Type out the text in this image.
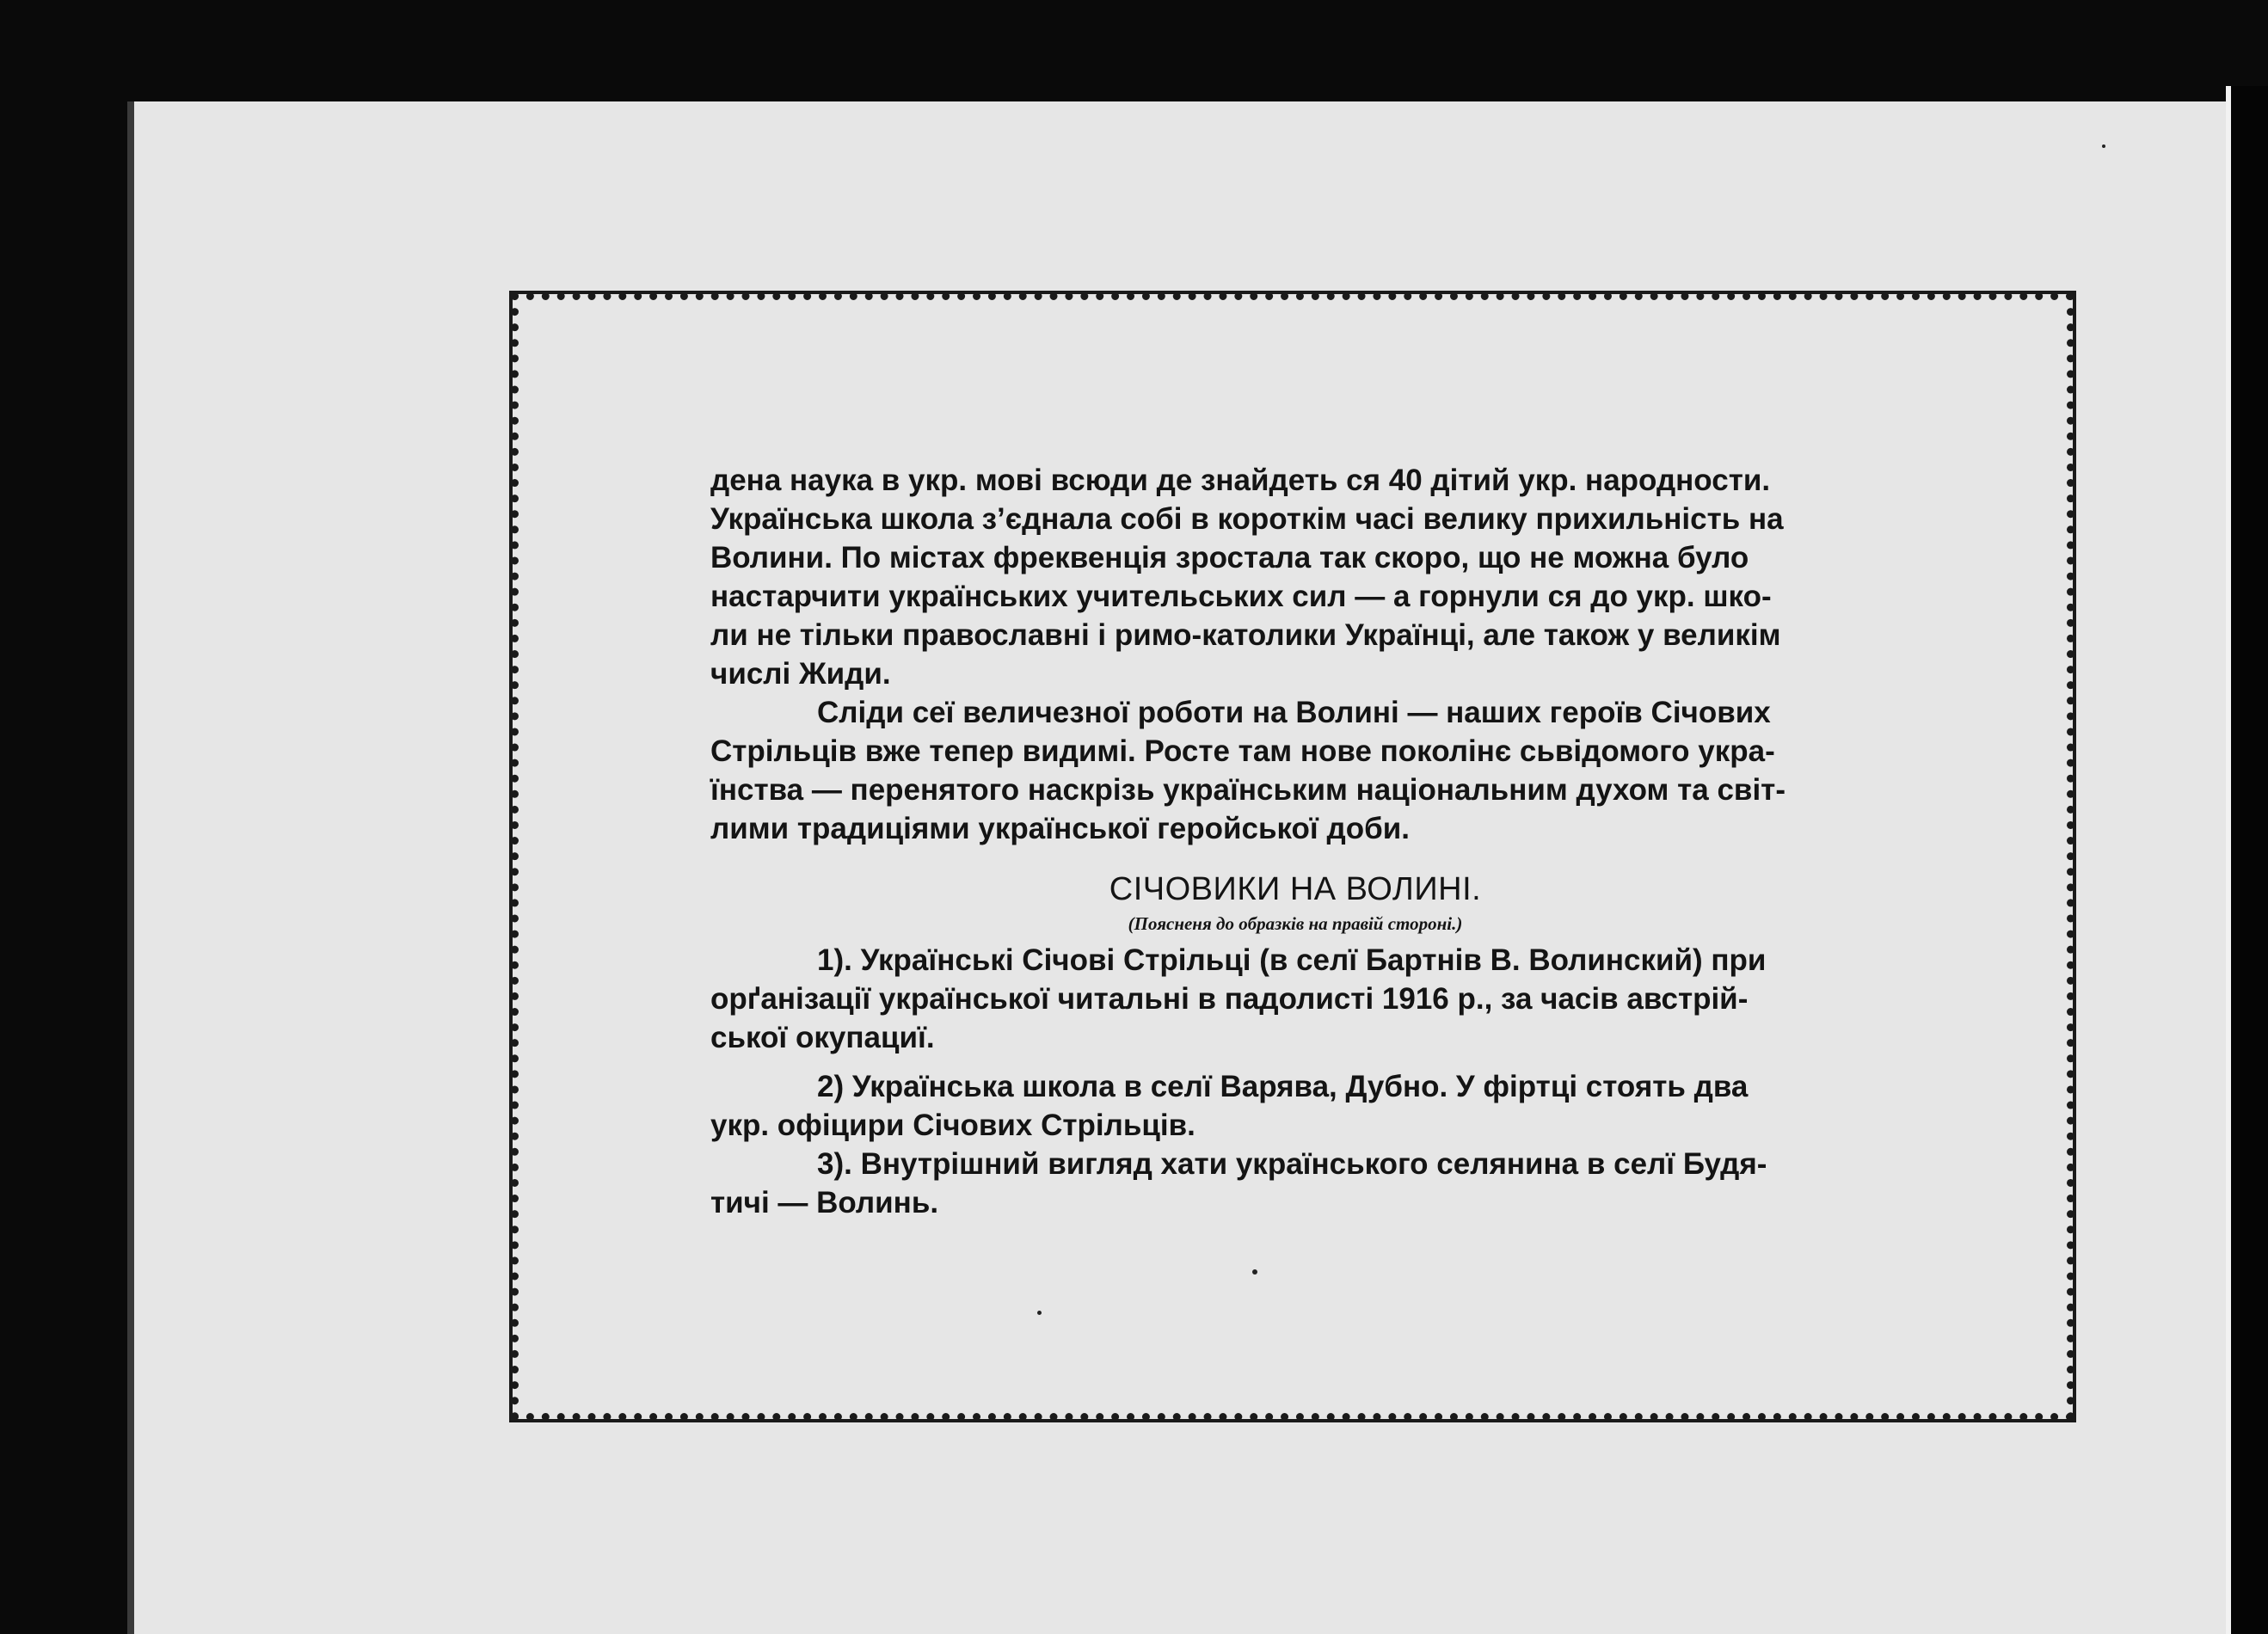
дена наука в укр. мові всюди де знайдеть ся 40 дітий укр. народности.
Українська школа з’єднала собі в короткім часі велику прихильність на
Волини. По містах фреквенція зростала так скоро, що не можна було
настарчити українських учительських сил — а горнули ся до укр. шко-
ли не тільки православні і римо-католики Українці, але також у великім
числі Жиди.

Сліди сеї величезної роботи на Волині — наших героїв Січових
Стрільців вже тепер видимі. Росте там нове поколінє сьвідомого укра-
їнства — перенятого наскрізь українським національним духом та світ-
лими традиціями української геройської доби.

СІЧОВИКИ НА ВОЛИНІ.
(Поясненя до образків на правій стороні.)

1). Українські Січові Стрільці (в селї Бартнів В. Волинский) при
орґанізації української читальні в падолисті 1916 р., за часів австрій-
ської окупациї.

2) Українська школа в селї Варява, Дубно. У фіртці стоять два
укр. офіцири Січових Стрільців.

3). Внутрішний вигляд хати українського селянина в селї Будя-
тичі — Волинь.
